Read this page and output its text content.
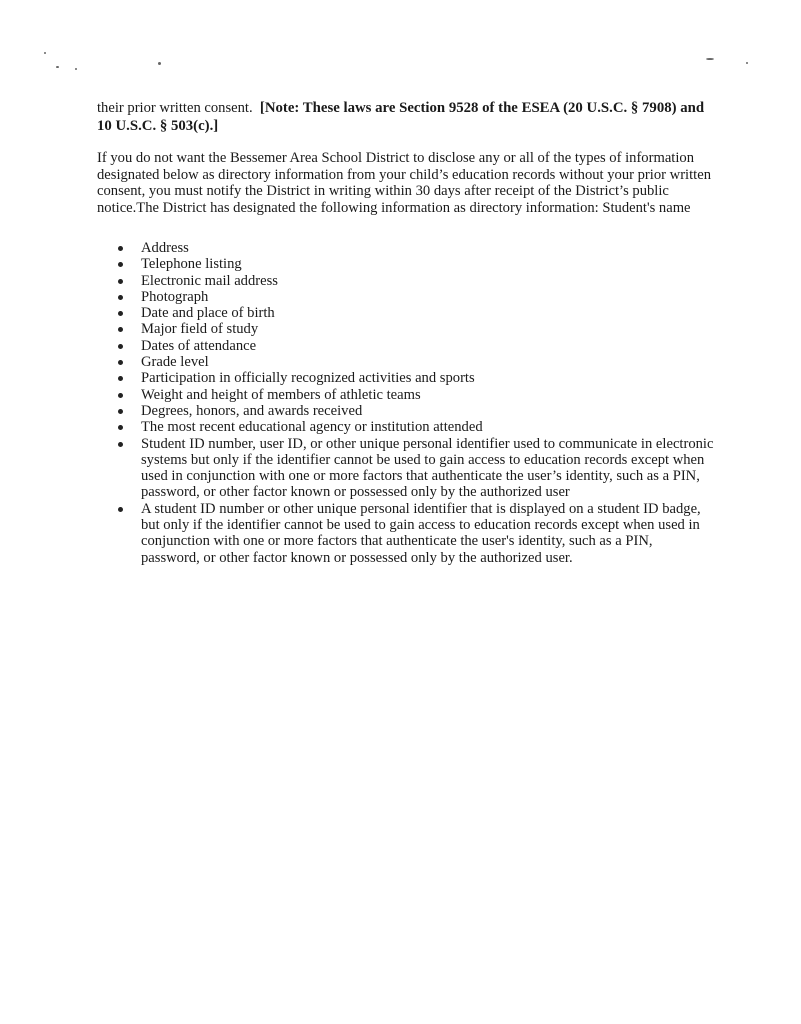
their prior written consent. [Note: These laws are Section 9528 of the ESEA (20 U.S.C. § 7908) and
10 U.S.C. § 503(c).]
If you do not want the Bessemer Area School District to disclose any or all of the types of information
designated below as directory information from your child’s education records without your prior written
consent, you must notify the District in writing within 30 days after receipt of the District’s public
notice.The District has designated the following information as directory information: Student's name
Address
Telephone listing
Electronic mail address
Photograph
Date and place of birth
Major field of study
Dates of attendance
Grade level
Participation in officially recognized activities and sports
Weight and height of members of athletic teams
Degrees, honors, and awards received
The most recent educational agency or institution attended
Student ID number, user ID, or other unique personal identifier used to communicate in electronic
systems but only if the identifier cannot be used to gain access to education records except when
used in conjunction with one or more factors that authenticate the user’s identity, such as a PIN,
password, or other factor known or possessed only by the authorized user
A student ID number or other unique personal identifier that is displayed on a student ID badge,
but only if the identifier cannot be used to gain access to education records except when used in
conjunction with one or more factors that authenticate the user's identity, such as a PIN,
password, or other factor known or possessed only by the authorized user.
